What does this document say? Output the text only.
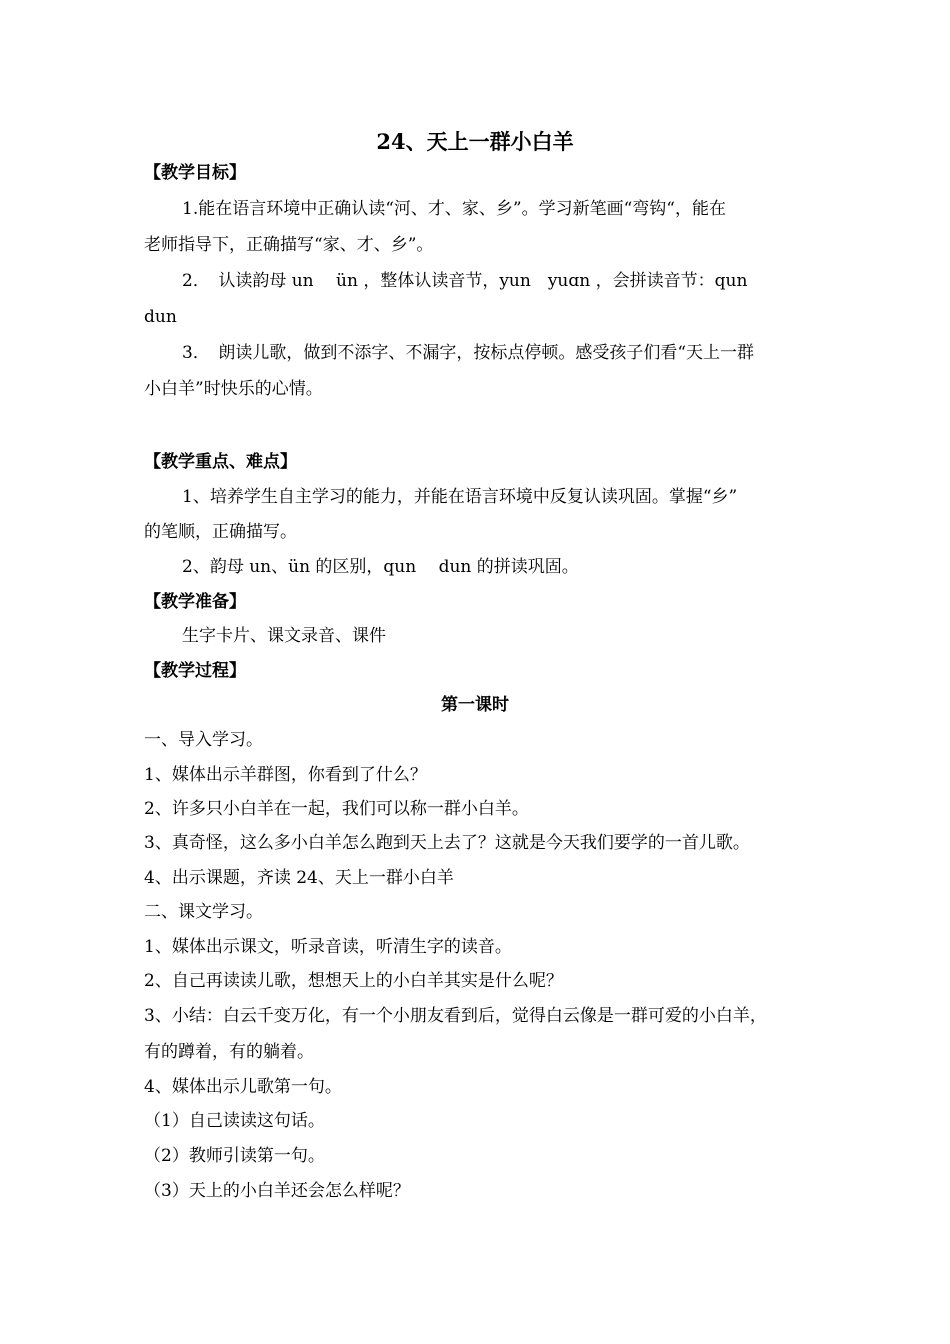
24、天上一群小白羊
【教学目标】
1.能在语言环境中正确认读“河、才、家、乡”。学习新笔画“弯钩“，能在
老师指导下，正确描写“家、才、乡”。
2．　认读韵母 un　 ün ，整体认读音节，yun　yuɑn ，会拼读音节：qun
dun
3．　朗读儿歌，做到不添字、不漏字，按标点停顿。感受孩子们看“天上一群
小白羊”时快乐的心情。
【教学重点、难点】
1、培养学生自主学习的能力，并能在语言环境中反复认读巩固。掌握“乡”
的笔顺，正确描写。
2、韵母 un、ün 的区别，qun　 dun 的拼读巩固。
【教学准备】
生字卡片、课文录音、课件
【教学过程】
第一课时
一、导入学习。
1、媒体出示羊群图，你看到了什么？
2、许多只小白羊在一起，我们可以称一群小白羊。
3、真奇怪，这么多小白羊怎么跑到天上去了？这就是今天我们要学的一首儿歌。
4、出示课题，齐读 24、天上一群小白羊
二、课文学习。
1、媒体出示课文，听录音读，听清生字的读音。
2、自己再读读儿歌，想想天上的小白羊其实是什么呢？
3、小结：白云千变万化，有一个小朋友看到后，觉得白云像是一群可爱的小白羊，
有的蹲着，有的躺着。
4、媒体出示儿歌第一句。
（1）自己读读这句话。
（2）教师引读第一句。
（3）天上的小白羊还会怎么样呢？
